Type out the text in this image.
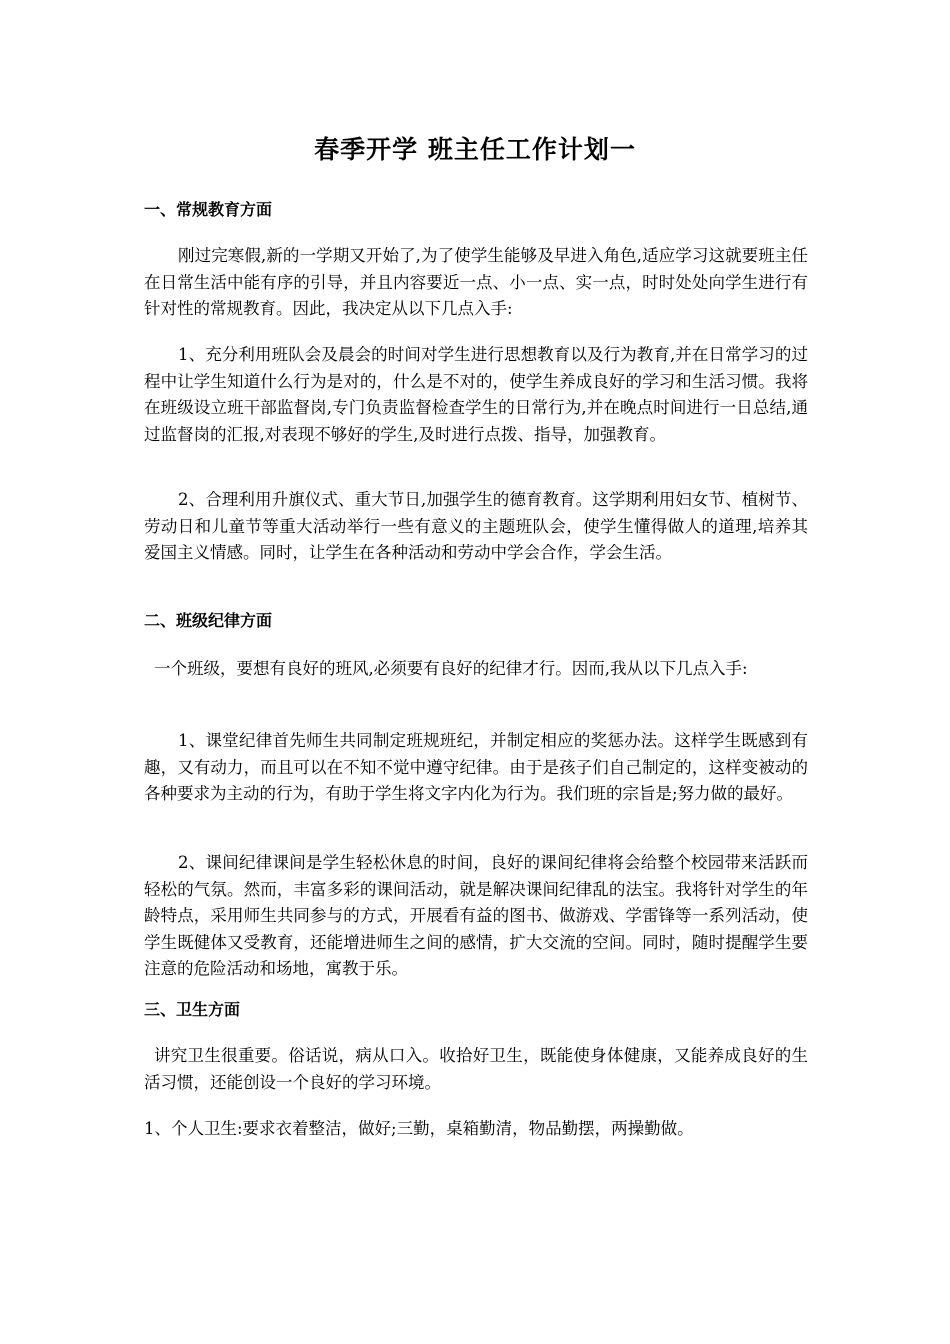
春季开学 班主任工作计划一
一、常规教育方面

刚过完寒假,新的一学期又开始了,为了使学生能够及早进入角色,适应学习这就要班主任在日常生活中能有序的引导，并且内容要近一点、小一点、实一点，时时处处向学生进行有针对性的常规教育。因此，我决定从以下几点入手:

1、充分利用班队会及晨会的时间对学生进行思想教育以及行为教育,并在日常学习的过程中让学生知道什么行为是对的，什么是不对的，使学生养成良好的学习和生活习惯。我将在班级设立班干部监督岗,专门负责监督检查学生的日常行为,并在晚点时间进行一日总结,通过监督岗的汇报,对表现不够好的学生,及时进行点拨、指导，加强教育。

2、合理利用升旗仪式、重大节日,加强学生的德育教育。这学期利用妇女节、植树节、劳动日和儿童节等重大活动举行一些有意义的主题班队会，使学生懂得做人的道理,培养其爱国主义情感。同时，让学生在各种活动和劳动中学会合作，学会生活。

二、班级纪律方面

一个班级，要想有良好的班风,必须要有良好的纪律才行。因而,我从以下几点入手:

1、课堂纪律首先师生共同制定班规班纪，并制定相应的奖惩办法。这样学生既感到有趣，又有动力，而且可以在不知不觉中遵守纪律。由于是孩子们自己制定的，这样变被动的各种要求为主动的行为，有助于学生将文字内化为行为。我们班的宗旨是;努力做的最好。

2、课间纪律课间是学生轻松休息的时间，良好的课间纪律将会给整个校园带来活跃而轻松的气氛。然而，丰富多彩的课间活动，就是解决课间纪律乱的法宝。我将针对学生的年龄特点，采用师生共同参与的方式，开展看有益的图书、做游戏、学雷锋等一系列活动，使学生既健体又受教育，还能增进师生之间的感情，扩大交流的空间。同时，随时提醒学生要注意的危险活动和场地，寓教于乐。

三、卫生方面

讲究卫生很重要。俗话说，病从口入。收拾好卫生，既能使身体健康，又能养成良好的生活习惯，还能创设一个良好的学习环境。

1、个人卫生:要求衣着整洁，做好;三勤，桌箱勤清，物品勤摆，两操勤做。
